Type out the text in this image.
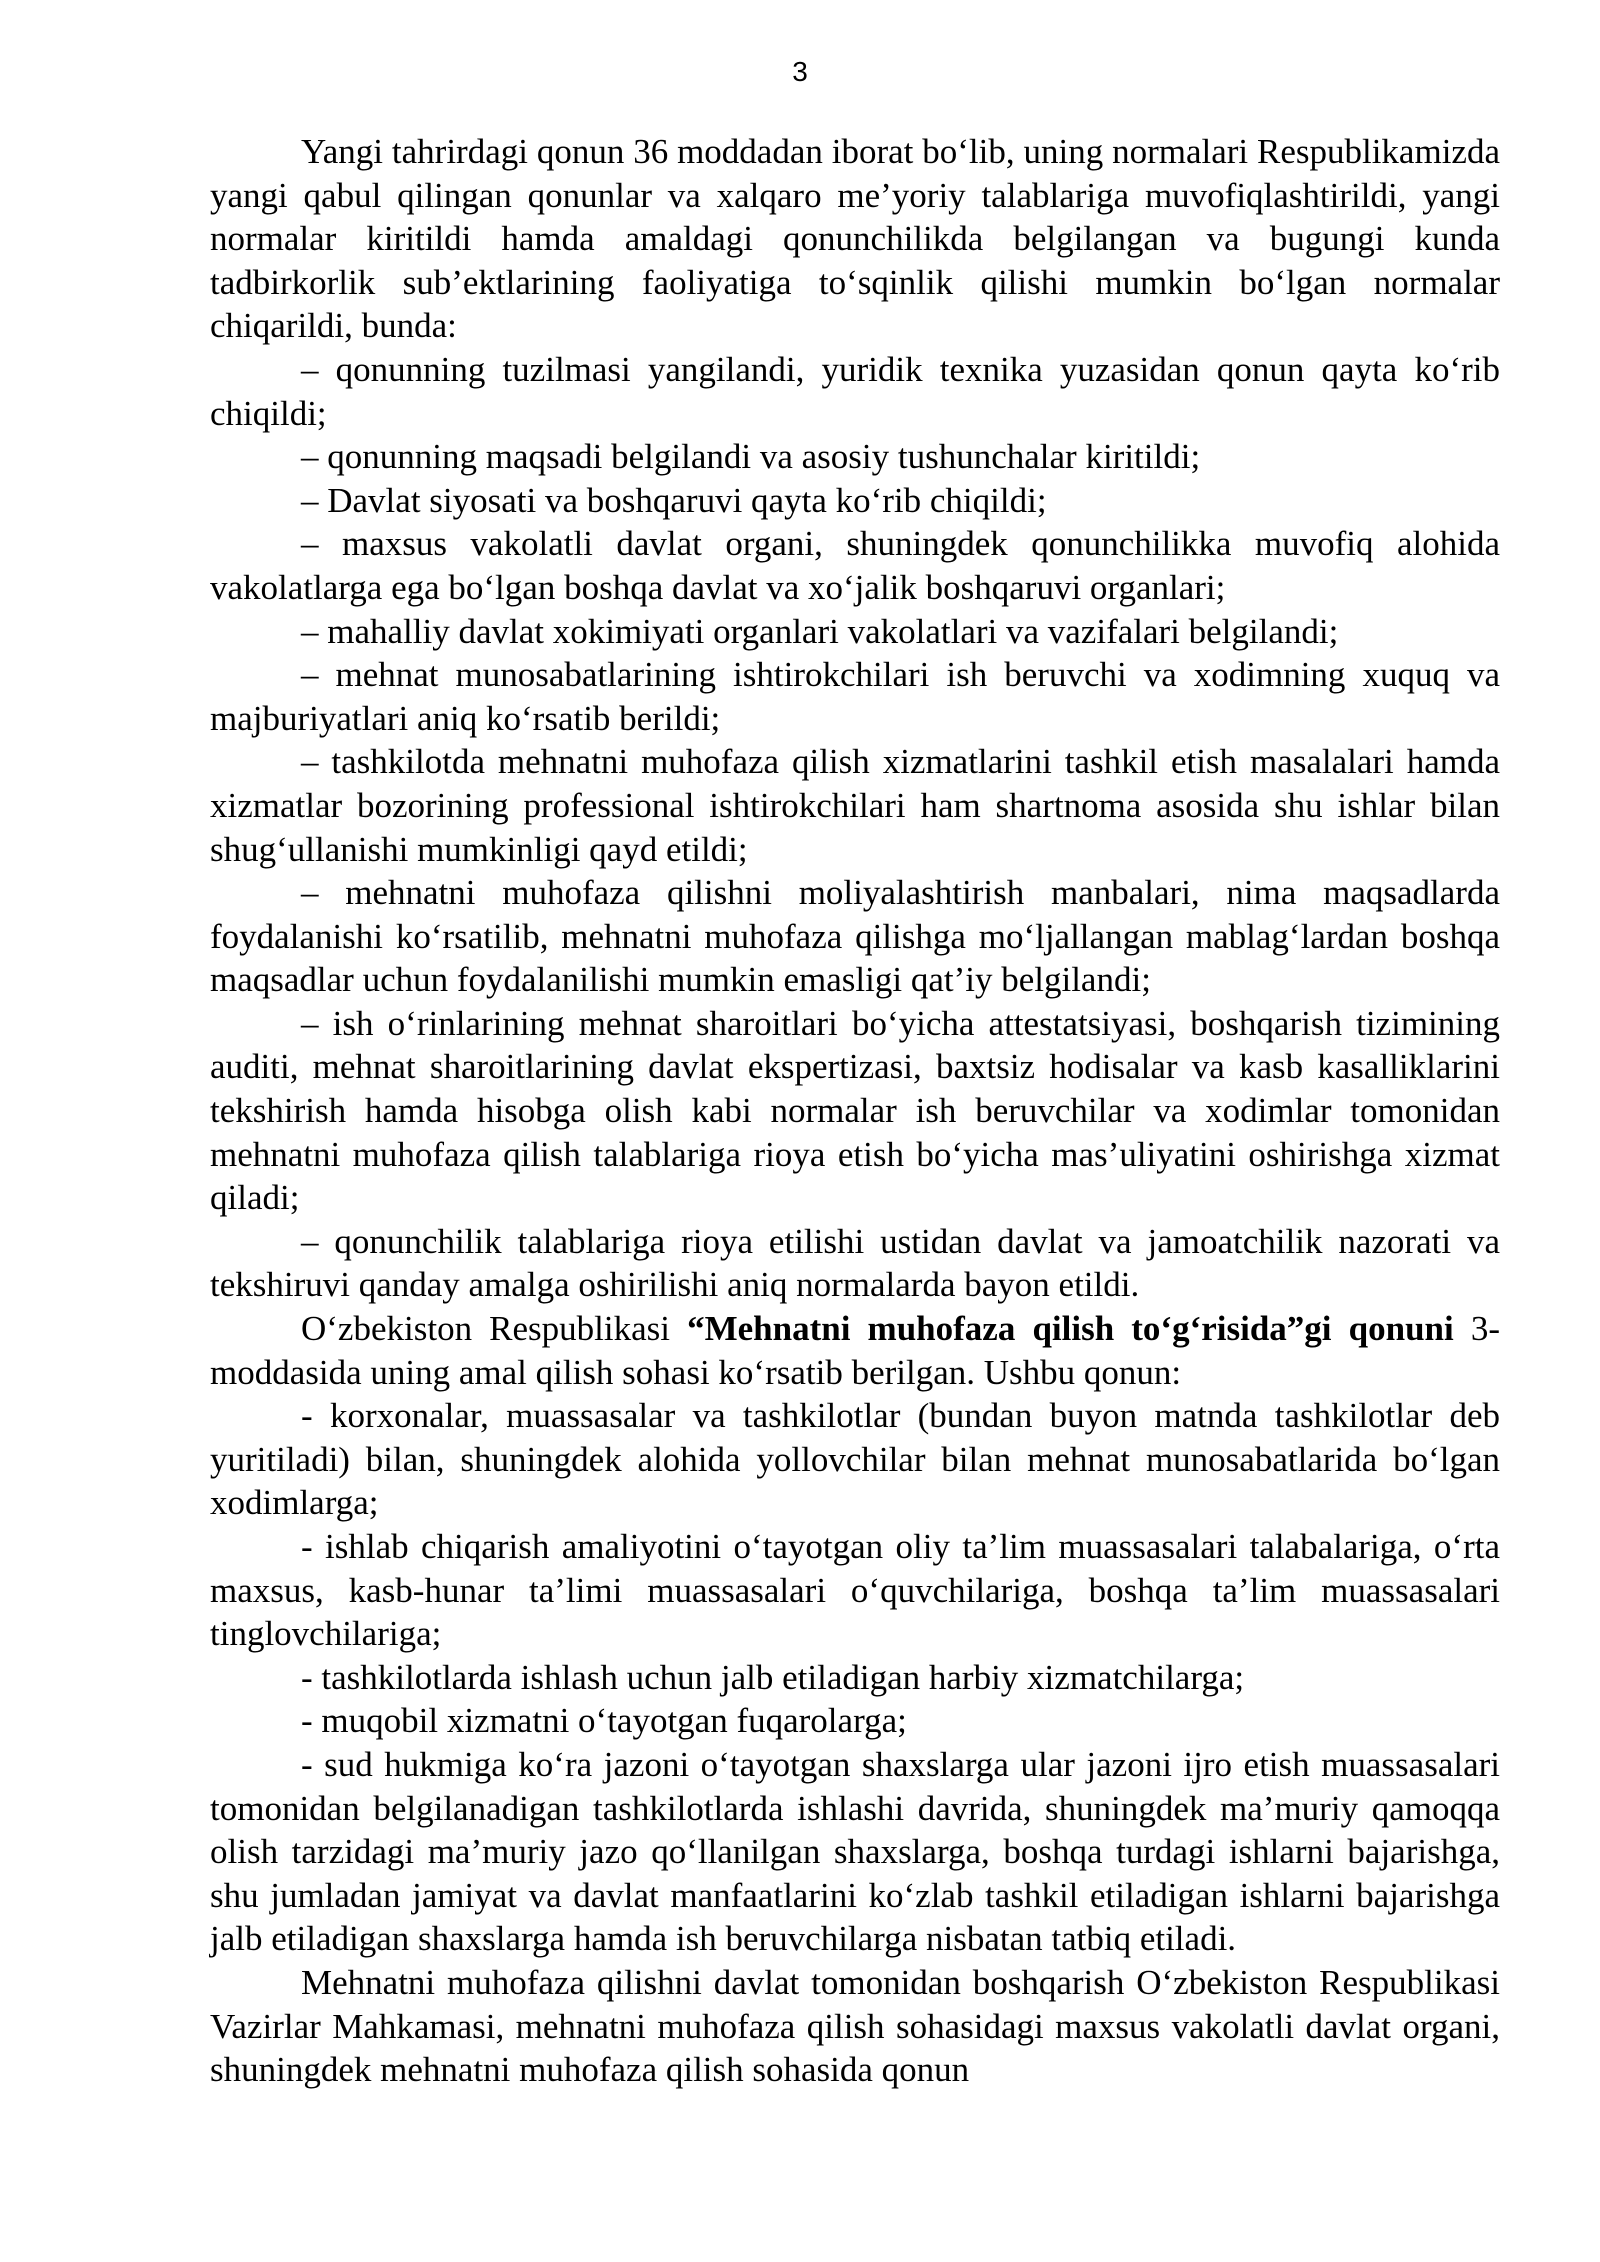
3

Yangi tahrirdagi qonun 36 moddadan iborat bo‘lib, uning normalari Respublikamizda yangi qabul qilingan qonunlar va xalqaro me’yoriy talablariga muvofiqlashtirildi, yangi normalar kiritildi hamda amaldagi qonunchilikda belgilangan va bugungi kunda tadbirkorlik sub’ektlarining faoliyatiga to‘sqinlik qilishi mumkin bo‘lgan normalar chiqarildi, bunda:

– qonunning tuzilmasi yangilandi, yuridik texnika yuzasidan qonun qayta ko‘rib chiqildi;

– qonunning maqsadi belgilandi va asosiy tushunchalar kiritildi;

– Davlat siyosati va boshqaruvi qayta ko‘rib chiqildi;

– maxsus vakolatli davlat organi, shuningdek qonunchilikka muvofiq alohida vakolatlarga ega bo‘lgan boshqa davlat va xo‘jalik boshqaruvi organlari;

– mahalliy davlat xokimiyati organlari vakolatlari va vazifalari belgilandi;

– mehnat munosabatlarining ishtirokchilari ish beruvchi va xodimning xuquq va majburiyatlari aniq ko‘rsatib berildi;

– tashkilotda mehnatni muhofaza qilish xizmatlarini tashkil etish masalalari hamda xizmatlar bozorining professional ishtirokchilari ham shartnoma asosida shu ishlar bilan shug‘ullanishi mumkinligi qayd etildi;

– mehnatni muhofaza qilishni moliyalashtirish manbalari, nima maqsadlarda foydalanishi ko‘rsatilib, mehnatni muhofaza qilishga mo‘ljallangan mablag‘lardan boshqa maqsadlar uchun foydalanilishi mumkin emasligi qat’iy belgilandi;

– ish o‘rinlarining mehnat sharoitlari bo‘yicha attestatsiyasi, boshqarish tizimining auditi, mehnat sharoitlarining davlat ekspertizasi, baxtsiz hodisalar va kasb kasalliklarini tekshirish hamda hisobga olish kabi normalar ish beruvchilar va xodimlar tomonidan mehnatni muhofaza qilish talablariga rioya etish bo‘yicha mas’uliyatini oshirishga xizmat qiladi;

– qonunchilik talablariga rioya etilishi ustidan davlat va jamoatchilik nazorati va tekshiruvi qanday amalga oshirilishi aniq normalarda bayon etildi.

O‘zbekiston Respublikasi “Mehnatni muhofaza qilish to‘g‘risida”gi qonuni 3-moddasida uning amal qilish sohasi ko‘rsatib berilgan. Ushbu qonun:

- korxonalar, muassasalar va tashkilotlar (bundan buyon matnda tashkilotlar deb yuritiladi) bilan, shuningdek alohida yollovchilar bilan mehnat munosabatlarida bo‘lgan xodimlarga;

- ishlab chiqarish amaliyotini o‘tayotgan oliy ta’lim muassasalari talabalariga, o‘rta maxsus, kasb-hunar ta’limi muassasalari o‘quvchilariga, boshqa ta’lim muassasalari tinglovchilariga;

- tashkilotlarda ishlash uchun jalb etiladigan harbiy xizmatchilarga;

- muqobil xizmatni o‘tayotgan fuqarolarga;

- sud hukmiga ko‘ra jazoni o‘tayotgan shaxslarga ular jazoni ijro etish muassasalari tomonidan belgilanadigan tashkilotlarda ishlashi davrida, shuningdek ma’muriy qamoqqa olish tarzidagi ma’muriy jazo qo‘llanilgan shaxslarga, boshqa turdagi ishlarni bajarishga, shu jumladan jamiyat va davlat manfaatlarini ko‘zlab tashkil etiladigan ishlarni bajarishga jalb etiladigan shaxslarga hamda ish beruvchilarga nisbatan tatbiq etiladi.

Mehnatni muhofaza qilishni davlat tomonidan boshqarish O‘zbekiston Respublikasi Vazirlar Mahkamasi, mehnatni muhofaza qilish sohasidagi maxsus vakolatli davlat organi, shuningdek mehnatni muhofaza qilish sohasida qonun
